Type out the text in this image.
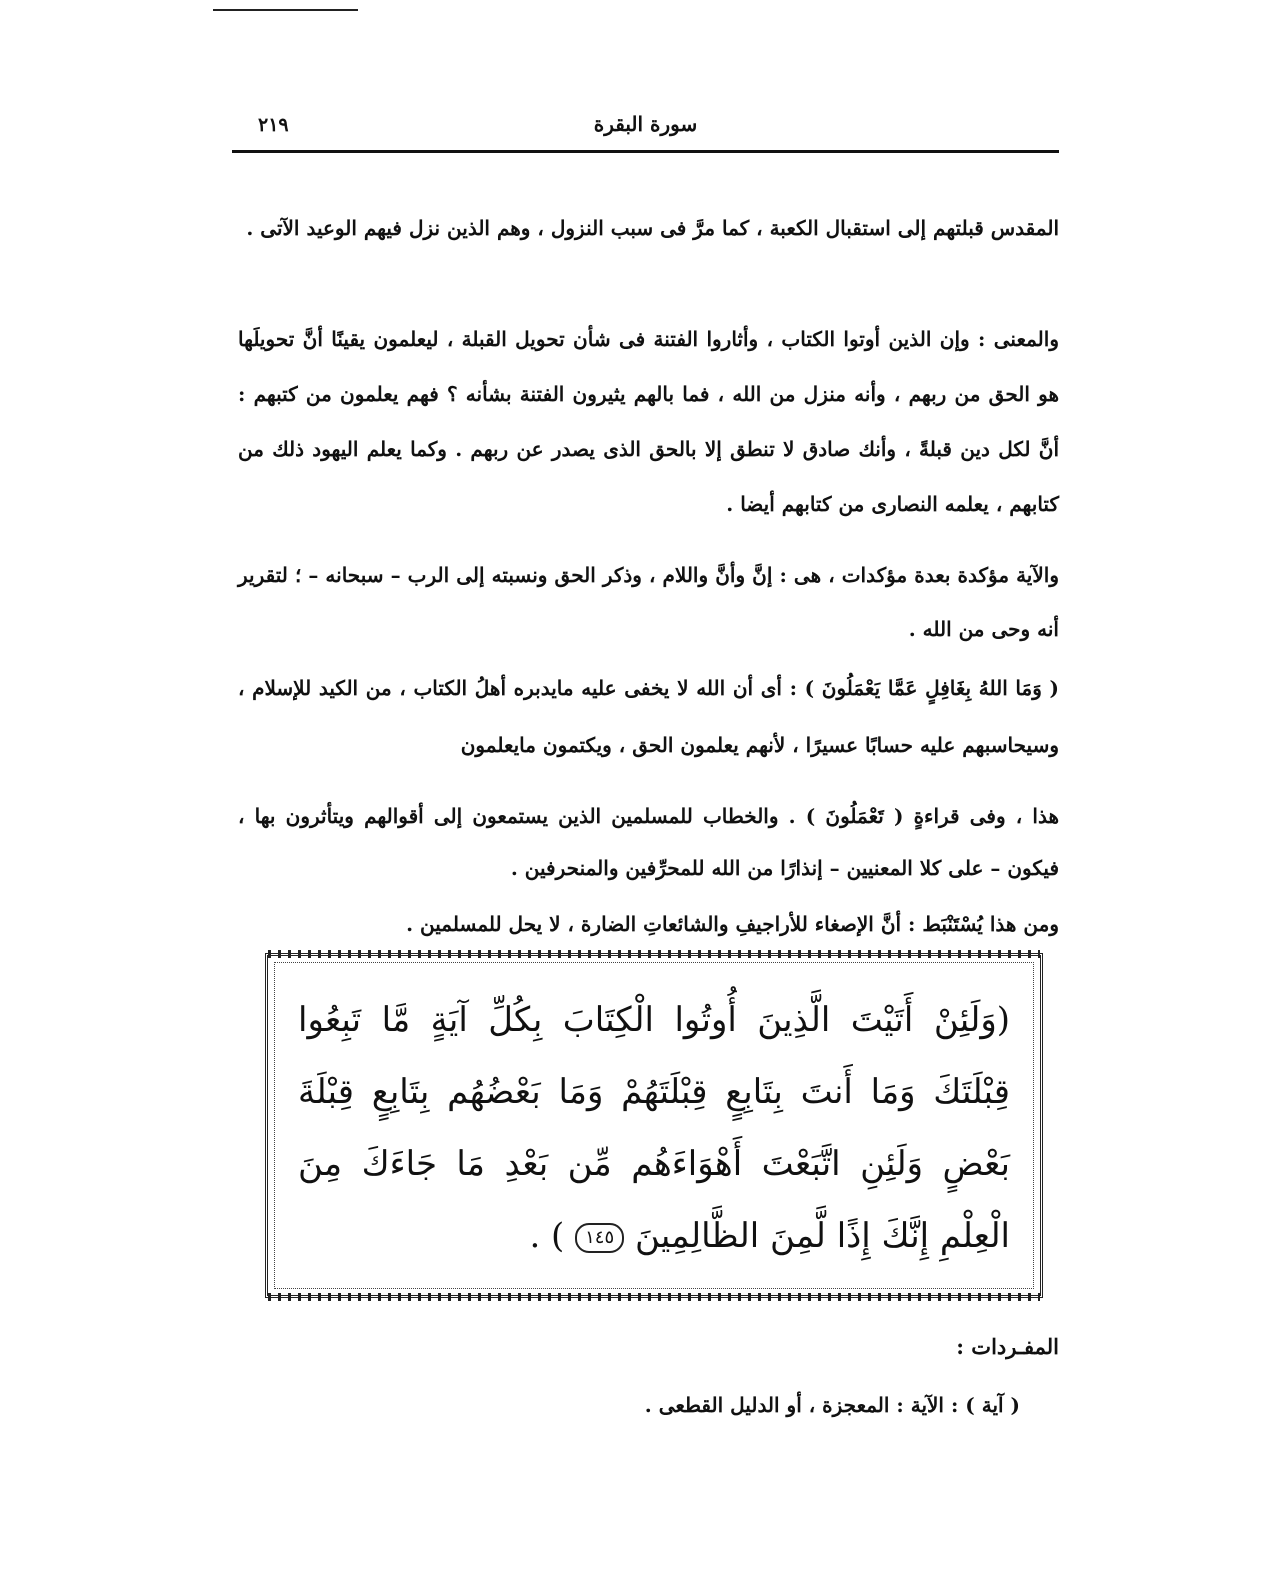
سورة البقرة
٢١٩

المقدس قبلتهم إلى استقبال الكعبة ، كما مرَّ فى سبب النزول ، وهم الذين نزل فيهم الوعيد الآتى .

والمعنى : وإن الذين أوتوا الكتاب ، وأثاروا الفتنة فى شأن تحويل القبلة ، ليعلمون يقينًا أنَّ تحويلَها هو الحق من ربهم ، وأنه منزل من الله ، فما بالهم يثيرون الفتنة بشأنه ؟ فهم يعلمون من كتبهم : أنَّ لكل دين قبلةً ، وأنك صادق لا تنطق إلا بالحق الذى يصدر عن ربهم . وكما يعلم اليهود ذلك من كتابهم ، يعلمه النصارى من كتابهم أيضا .

والآية مؤكدة بعدة مؤكدات ، هى : إنَّ وأنَّ واللام ، وذكر الحق ونسبته إلى الرب – سبحانه – ؛ لتقرير أنه وحى من الله .

( وَمَا اللهُ بِغَافِلٍ عَمَّا يَعْمَلُونَ ) : أى أن الله لا يخفى عليه مايدبره أهلُ الكتاب ، من الكيد للإسلام ، وسيحاسبهم عليه حسابًا عسيرًا ، لأنهم يعلمون الحق ، ويكتمون مايعلمون

هذا ، وفى قراءةٍ ( تَعْمَلُونَ ) . والخطاب للمسلمين الذين يستمعون إلى أقوالهم ويتأثرون بها ، فيكون – على كلا المعنيين – إنذارًا من الله للمحرِّفين والمنحرفين .

ومن هذا يُسْتَنْبَط : أنَّ الإصغاء للأراجيفِ والشائعاتِ الضارة ، لا يحل للمسلمين .

(وَلَئِنْ أَتَيْتَ الَّذِينَ أُوتُوا الْكِتَابَ بِكُلِّ آيَةٍ مَّا تَبِعُوا قِبْلَتَكَ وَمَا أَنتَ بِتَابِعٍ قِبْلَتَهُمْ وَمَا بَعْضُهُم بِتَابِعٍ قِبْلَةَ بَعْضٍ وَلَئِنِ اتَّبَعْتَ أَهْوَاءَهُم مِّن بَعْدِ مَا جَاءَكَ مِنَ الْعِلْمِ إِنَّكَ إِذًا لَّمِنَ الظَّالِمِينَ ١٤٥ ) .
المفـردات :
( آية ) : الآية : المعجزة ، أو الدليل القطعى .
